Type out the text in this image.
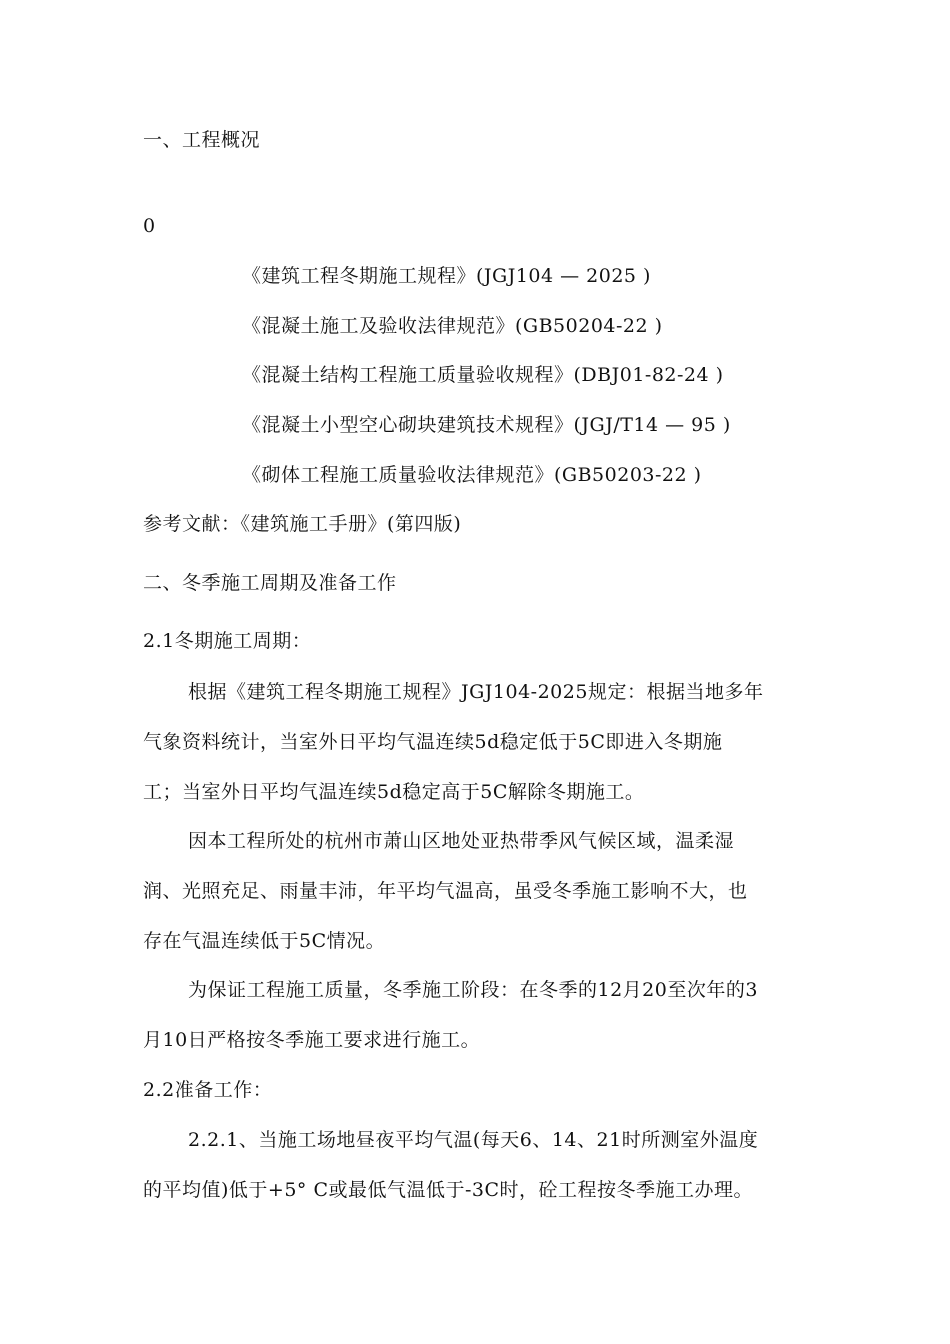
一、工程概况
0
《建筑工程冬期施工规程》(JGJ104 — 2025 )
《混凝土施工及验收法律规范》(GB50204-22 )
《混凝土结构工程施工质量验收规程》(DBJ01-82-24 )
《混凝土小型空心砌块建筑技术规程》(JGJ/T14 — 95 )
《砌体工程施工质量验收法律规范》(GB50203-22 )
参考文献：《建筑施工手册》(第四版)
二、冬季施工周期及准备工作
2.1冬期施工周期：
根据《建筑工程冬期施工规程》JGJ104-2025规定：根据当地多年
气象资料统计，当室外日平均气温连续5d稳定低于5C即进入冬期施
工；当室外日平均气温连续5d稳定高于5C解除冬期施工。
因本工程所处的杭州市萧山区地处亚热带季风气候区域，温柔湿
润、光照充足、雨量丰沛，年平均气温高，虽受冬季施工影响不大，也
存在气温连续低于5C情况。
为保证工程施工质量，冬季施工阶段：在冬季的12月20至次年的3
月10日严格按冬季施工要求进行施工。
2.2准备工作：
2.2.1、当施工场地昼夜平均气温(每天6、14、21时所测室外温度
的平均值)低于+5° C或最低气温低于-3C时，砼工程按冬季施工办理。
